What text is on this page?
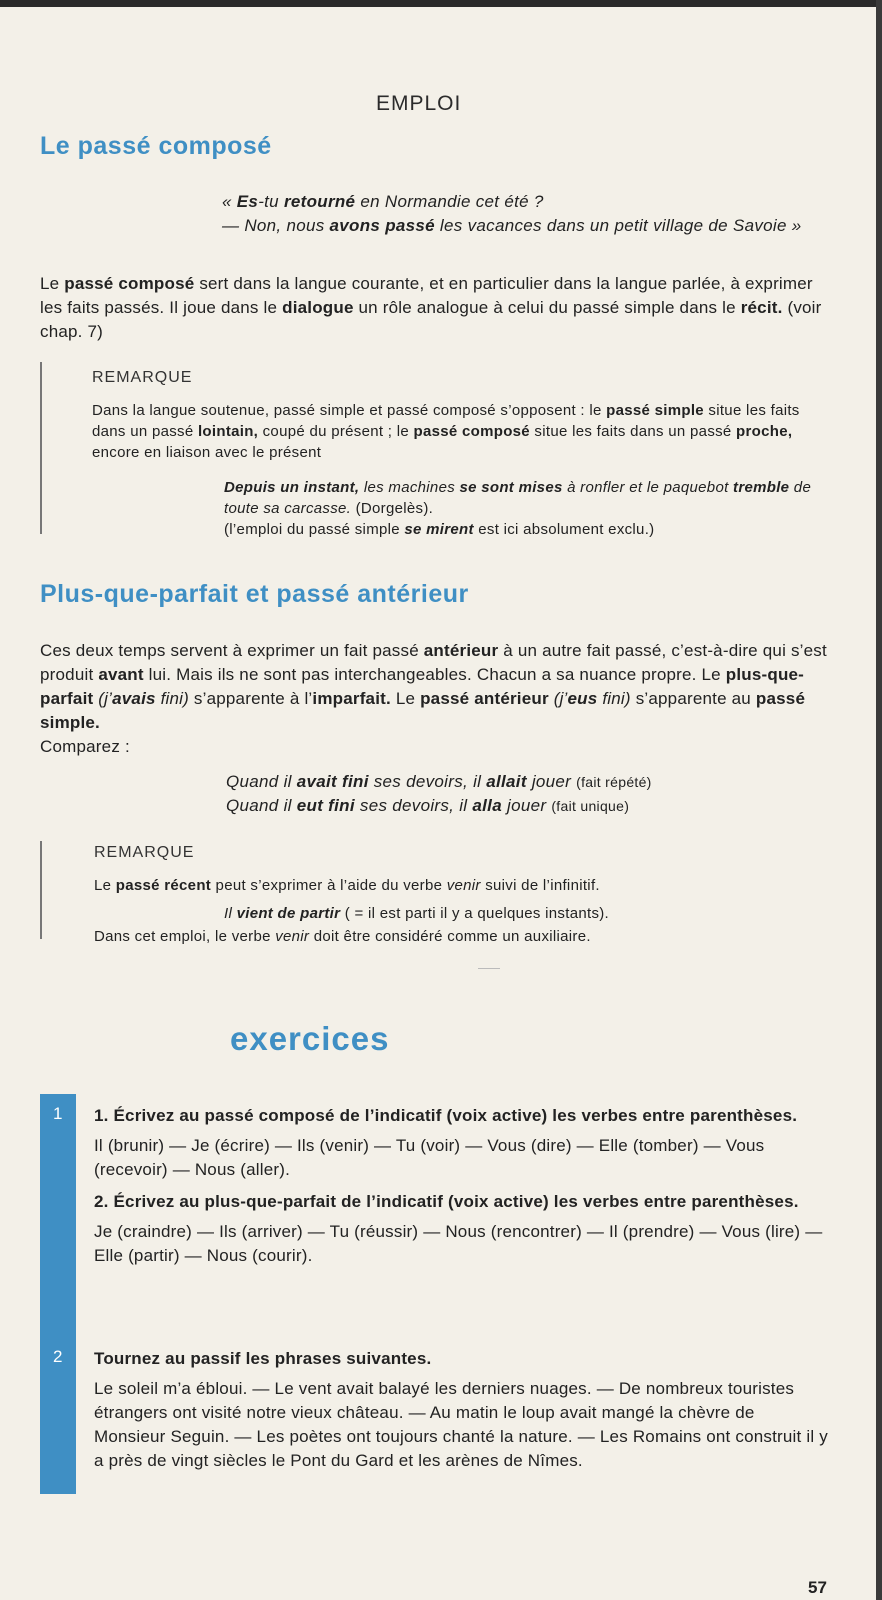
EMPLOI
Le passé composé
« Es-tu retourné en Normandie cet été ?
— Non, nous avons passé les vacances dans un petit village de Savoie »
Le passé composé sert dans la langue courante, et en particulier dans la langue parlée, à exprimer les faits passés. Il joue dans le dialogue un rôle analogue à celui du passé simple dans le récit. (voir chap. 7)
REMARQUE
Dans la langue soutenue, passé simple et passé composé s’opposent : le passé simple situe les faits dans un passé lointain, coupé du présent ; le passé composé situe les faits dans un passé proche, encore en liaison avec le présent
Depuis un instant, les machines se sont mises à ronfler et le paquebot tremble de toute sa carcasse. (Dorgelès).
(l’emploi du passé simple se mirent est ici absolument exclu.)
Plus-que-parfait et passé antérieur
Ces deux temps servent à exprimer un fait passé antérieur à un autre fait passé, c’est-à-dire qui s’est produit avant lui. Mais ils ne sont pas interchangeables. Chacun a sa nuance propre. Le plus-que-parfait (j’avais fini) s’apparente à l’imparfait. Le passé antérieur (j’eus fini) s’apparente au passé simple.
Comparez :
Quand il avait fini ses devoirs, il allait jouer (fait répété)
Quand il eut fini ses devoirs, il alla jouer (fait unique)
REMARQUE
Le passé récent peut s’exprimer à l’aide du verbe venir suivi de l’infinitif.
Il vient de partir ( = il est parti il y a quelques instants).
Dans cet emploi, le verbe venir doit être considéré comme un auxiliaire.
exercices
1
2
1. Écrivez au passé composé de l’indicatif (voix active) les verbes entre parenthèses.
Il (brunir) — Je (écrire) — Ils (venir) — Tu (voir) — Vous (dire) — Elle (tomber) — Vous (recevoir) — Nous (aller).
2. Écrivez au plus-que-parfait de l’indicatif (voix active) les verbes entre parenthèses.
Je (craindre) — Ils (arriver) — Tu (réussir) — Nous (rencontrer) — Il (prendre) — Vous (lire) — Elle (partir) — Nous (courir).
Tournez au passif les phrases suivantes.
Le soleil m’a ébloui. — Le vent avait balayé les derniers nuages. — De nombreux touristes étrangers ont visité notre vieux château. — Au matin le loup avait mangé la chèvre de Monsieur Seguin. — Les poètes ont toujours chanté la nature. — Les Romains ont construit il y a près de vingt siècles le Pont du Gard et les arènes de Nîmes.
57
